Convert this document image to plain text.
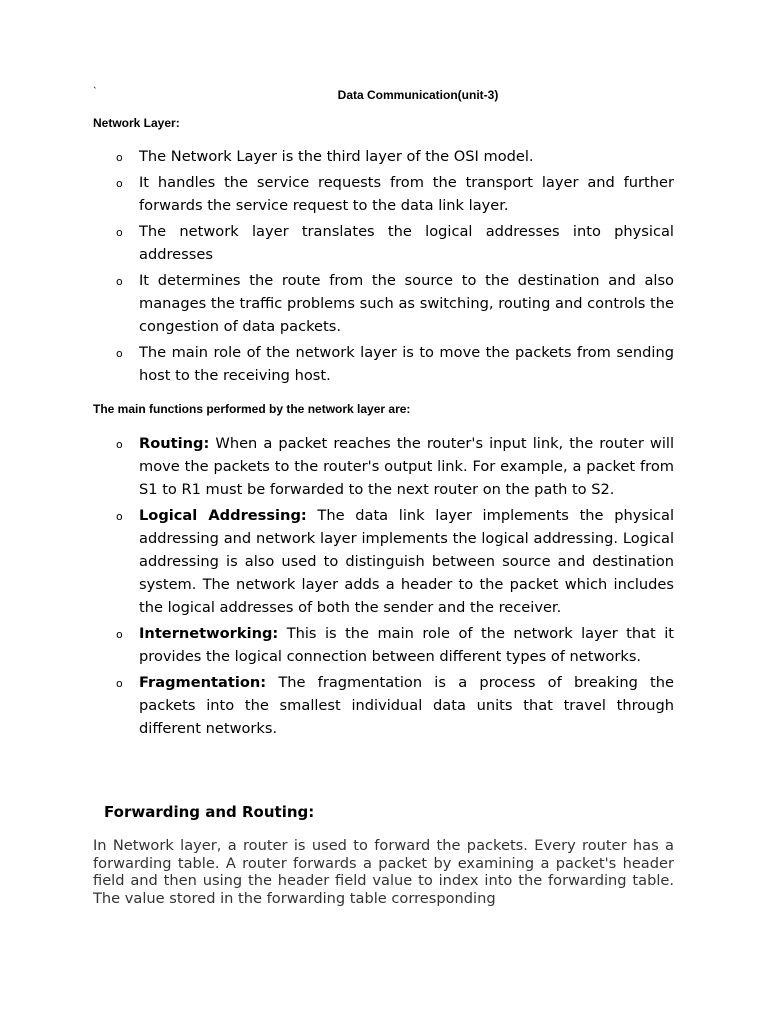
`	Data Communication(unit-3)
Network Layer:
o The Network Layer is the third layer of the OSI model.
o It handles the service requests from the transport layer and further forwards the service request to the data link layer.
o The network layer translates the logical addresses into physical addresses
o It determines the route from the source to the destination and also manages the traffic problems such as switching, routing and controls the congestion of data packets.
o The main role of the network layer is to move the packets from sending host to the receiving host.
The main functions performed by the network layer are:
o Routing: When a packet reaches the router's input link, the router will move the packets to the router's output link. For example, a packet from S1 to R1 must be forwarded to the next router on the path to S2.
o Logical Addressing: The data link layer implements the physical addressing and network layer implements the logical addressing. Logical addressing is also used to distinguish between source and destination system. The network layer adds a header to the packet which includes the logical addresses of both the sender and the receiver.
o Internetworking: This is the main role of the network layer that it provides the logical connection between different types of networks.
o Fragmentation: The fragmentation is a process of breaking the packets into the smallest individual data units that travel through different networks.
Forwarding and Routing:
In Network layer, a router is used to forward the packets. Every router has a forwarding table. A router forwards a packet by examining a packet's header field and then using the header field value to index into the forwarding table. The value stored in the forwarding table corresponding
